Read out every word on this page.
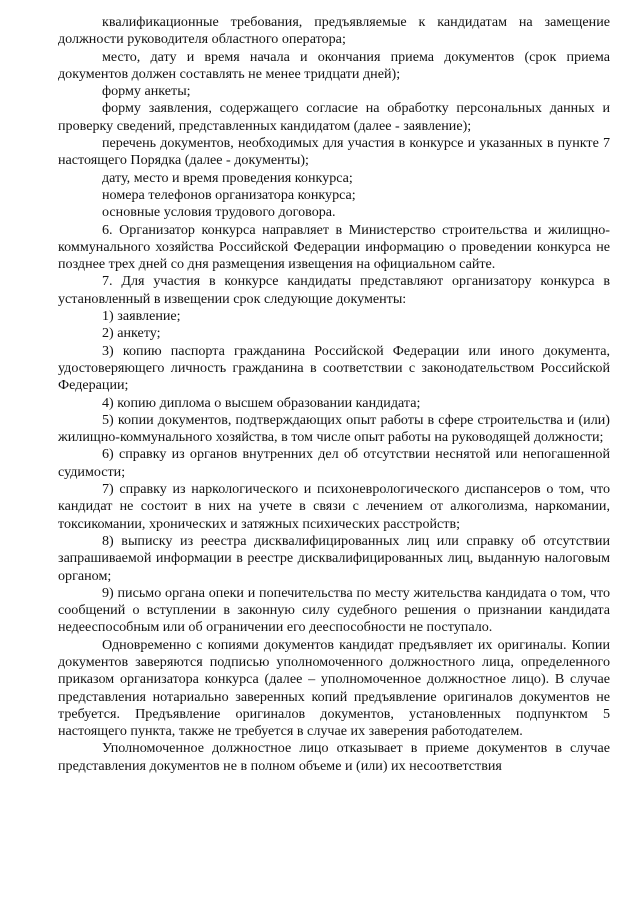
квалификационные требования, предъявляемые к кандидатам на замещение должности руководителя областного оператора;

место, дату и время начала и окончания приема документов (срок приема документов должен составлять не менее тридцати дней);

форму анкеты;

форму заявления, содержащего согласие на обработку персональных данных и проверку сведений, представленных кандидатом (далее - заявление);

перечень документов, необходимых для участия в конкурсе и указанных в пункте 7 настоящего Порядка (далее - документы);

дату, место и время проведения конкурса;

номера телефонов организатора конкурса;

основные условия трудового договора.

6. Организатор конкурса направляет в Министерство строительства и жилищно-коммунального хозяйства Российской Федерации информацию о проведении конкурса не позднее трех дней со дня размещения извещения на официальном сайте.

7. Для участия в конкурсе кандидаты представляют организатору конкурса в установленный в извещении срок следующие документы:

1) заявление;

2) анкету;

3) копию паспорта гражданина Российской Федерации или иного документа, удостоверяющего личность гражданина в соответствии с законодательством Российской Федерации;

4) копию диплома о высшем образовании кандидата;

5) копии документов, подтверждающих опыт работы в сфере строительства и (или) жилищно-коммунального хозяйства, в том числе опыт работы на руководящей должности;

6) справку из органов внутренних дел об отсутствии неснятой или непогашенной судимости;

7) справку из наркологического и психоневрологического диспансеров о том, что кандидат не состоит в них на учете в связи с лечением от алкоголизма, наркомании, токсикомании, хронических и затяжных психических расстройств;

8) выписку из реестра дисквалифицированных лиц или справку об отсутствии запрашиваемой информации в реестре дисквалифицированных лиц, выданную налоговым органом;

9) письмо органа опеки и попечительства по месту жительства кандидата о том, что сообщений о вступлении в законную силу судебного решения о признании кандидата недееспособным или об ограничении его дееспособности не поступало.

Одновременно с копиями документов кандидат предъявляет их оригиналы. Копии документов заверяются подписью уполномоченного должностного лица, определенного приказом организатора конкурса (далее – уполномоченное должностное лицо). В случае представления нотариально заверенных копий предъявление оригиналов документов не требуется. Предъявление оригиналов документов, установленных подпунктом 5 настоящего пункта, также не требуется в случае их заверения работодателем.

Уполномоченное должностное лицо отказывает в приеме документов в случае представления документов не в полном объеме и (или) их несоответствия
